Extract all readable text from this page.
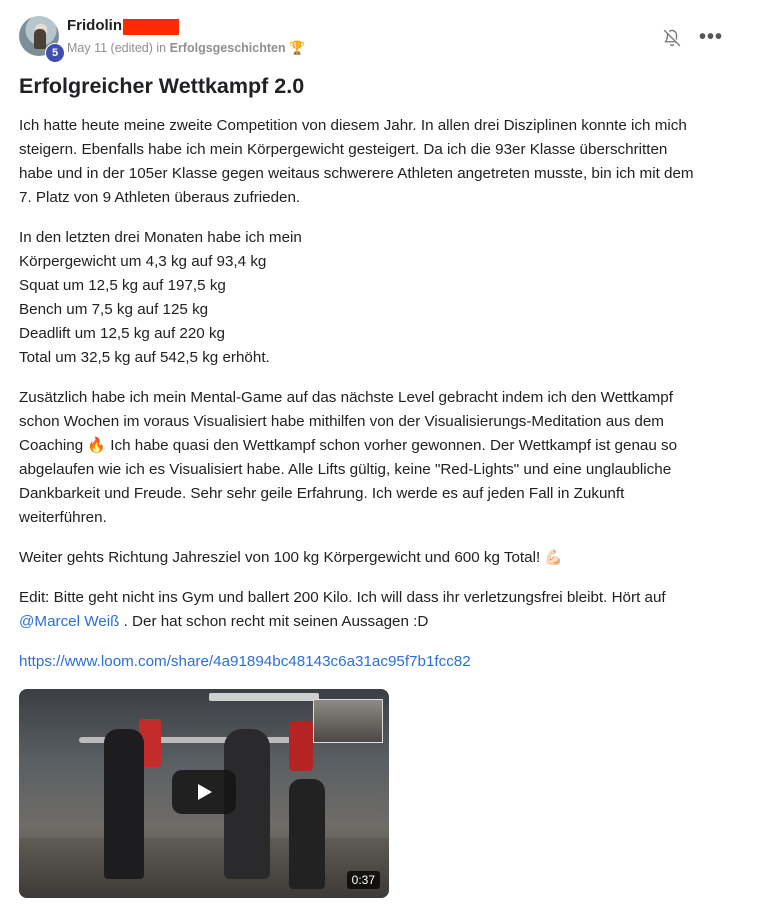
5
Fridolin
May 11 (edited) in Erfolgsgeschichten 🏆	•••
Erfolgreicher Wettkampf 2.0
Ich hatte heute meine zweite Competition von diesem Jahr. In allen drei Disziplinen konnte ich mich
steigern. Ebenfalls habe ich mein Körpergewicht gesteigert. Da ich die 93er Klasse überschritten
habe und in der 105er Klasse gegen weitaus schwerere Athleten angetreten musste, bin ich mit dem
7. Platz von 9 Athleten überaus zufrieden.
In den letzten drei Monaten habe ich mein
Körpergewicht um 4,3 kg auf 93,4 kg
Squat um 12,5 kg auf 197,5 kg
Bench um 7,5 kg auf 125 kg
Deadlift um 12,5 kg auf 220 kg
Total um 32,5 kg auf 542,5 kg erhöht.
Zusätzlich habe ich mein Mental-Game auf das nächste Level gebracht indem ich den Wettkampf
schon Wochen im voraus Visualisiert habe mithilfen von der Visualisierungs-Meditation aus dem
Coaching 🔥 Ich habe quasi den Wettkampf schon vorher gewonnen. Der Wettkampf ist genau so
abgelaufen wie ich es Visualisiert habe. Alle Lifts gültig, keine "Red-Lights" und eine unglaubliche
Dankbarkeit und Freude. Sehr sehr geile Erfahrung. Ich werde es auf jeden Fall in Zukunft
weiterführen.
Weiter gehts Richtung Jahresziel von 100 kg Körpergewicht und 600 kg Total! 💪🏻
Edit: Bitte geht nicht ins Gym und ballert 200 Kilo. Ich will dass ihr verletzungsfrei bleibt. Hört auf
@Marcel Weiß . Der hat schon recht mit seinen Aussagen :D
https://www.loom.com/share/4a91894bc48143c6a31ac95f7b1fcc82
0:37
